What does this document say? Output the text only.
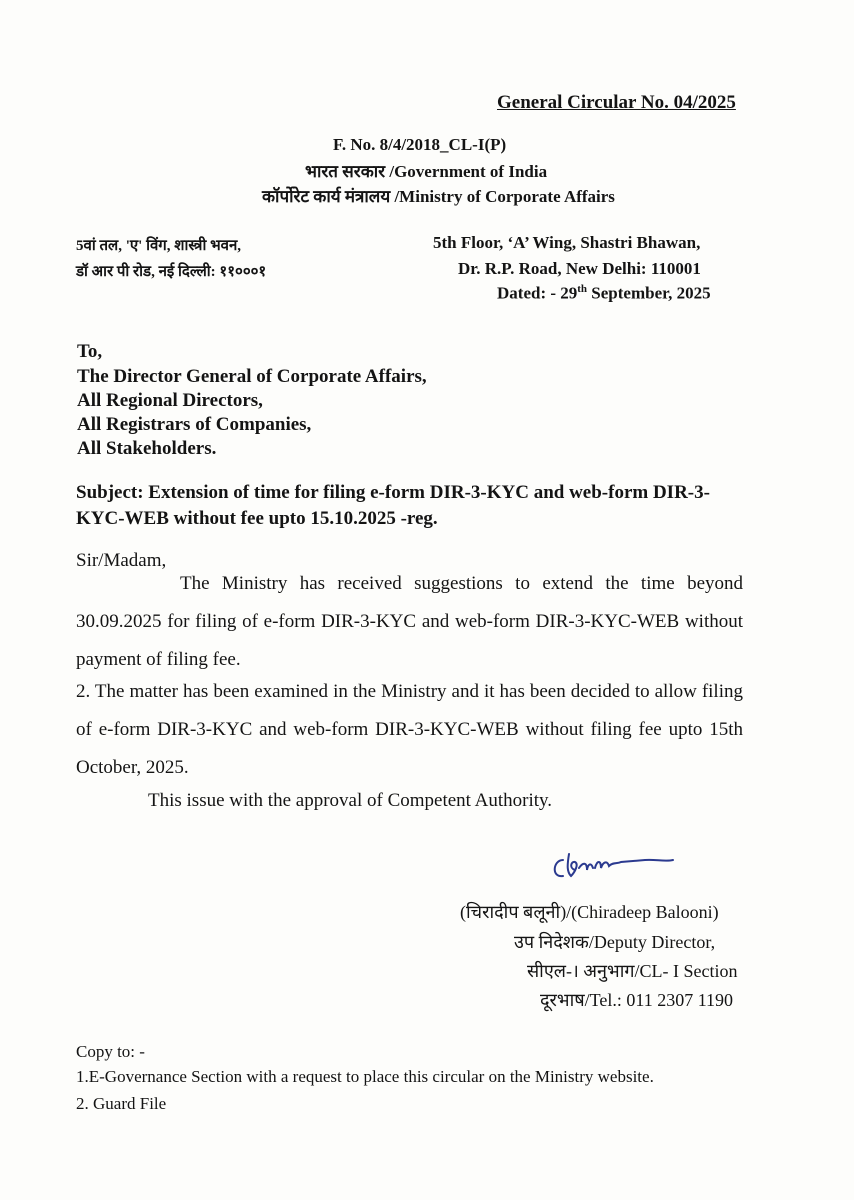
General Circular No. 04/2025
F. No. 8/4/2018_CL-I(P)
भारत सरकार /Government of India
कॉर्पोरेट कार्य मंत्रालय /Ministry of Corporate Affairs
5वां तल, 'ए' विंग, शास्त्री भवन,
डॉ आर पी रोड, नई दिल्ली: ११०००१
5th Floor, ‘A’ Wing, Shastri Bhawan,
Dr. R.P. Road, New Delhi: 110001
Dated: - 29th September, 2025
To,
The Director General of Corporate Affairs,
All Regional Directors,
All Registrars of Companies,
All Stakeholders.
Subject: Extension of time for filing e-form DIR-3-KYC and web-form DIR-3-KYC-WEB without fee upto 15.10.2025 -reg.
Sir/Madam,
The Ministry has received suggestions to extend the time beyond 30.09.2025 for filing of e-form DIR-3-KYC and web-form DIR-3-KYC-WEB without payment of filing fee.
2. The matter has been examined in the Ministry and it has been decided to allow filing of e-form DIR-3-KYC and web-form DIR-3-KYC-WEB without filing fee upto 15th October, 2025.
This issue with the approval of Competent Authority.
(चिरादीप बलूनी)/(Chiradeep Balooni)
उप निदेशक/Deputy Director,
सीएल-। अनुभाग/CL- I Section
दूरभाष/Tel.: 011 2307 1190
Copy to: -
1.E-Governance Section with a request to place this circular on the Ministry website.
2. Guard File
